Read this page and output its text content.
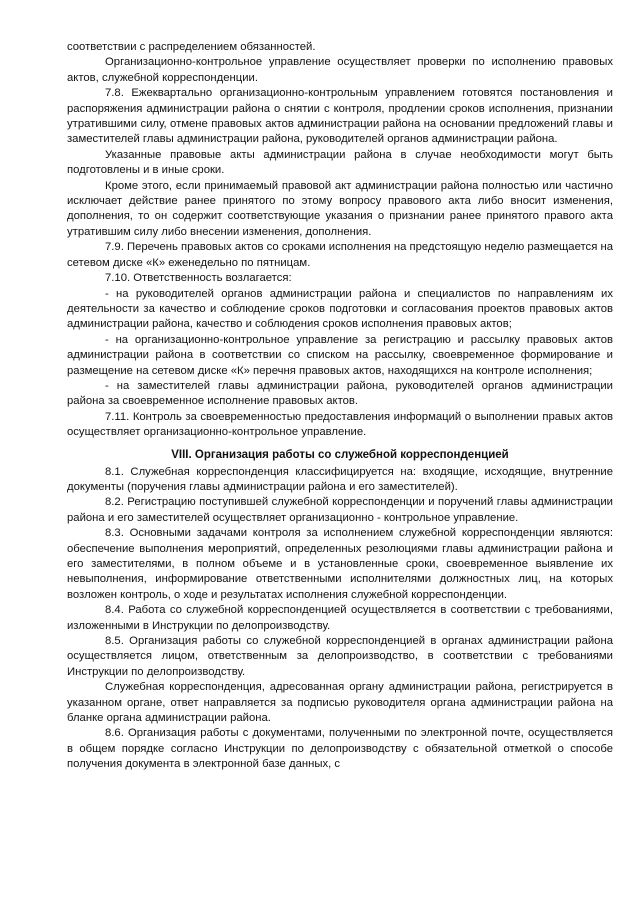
соответствии с распределением обязанностей.

Организационно-контрольное управление осуществляет проверки по исполнению правовых актов, служебной корреспонденции.

7.8. Ежеквартально организационно-контрольным управлением готовятся постановления и распоряжения администрации района о снятии с контроля, продлении сроков исполнения, признании утратившими силу, отмене правовых актов администрации района на основании предложений главы и заместителей главы администрации района, руководителей органов администрации района.

Указанные правовые акты администрации района в случае необходимости могут быть подготовлены и в иные сроки.

Кроме этого, если принимаемый правовой акт администрации района полностью или частично исключает действие ранее принятого по этому вопросу правового акта либо вносит изменения, дополнения, то он содержит соответствующие указания о признании ранее принятого правого акта утратившим силу либо внесении изменения, дополнения.

7.9. Перечень правовых актов со сроками исполнения на предстоящую неделю размещается на сетевом диске «К» еженедельно по пятницам.

7.10. Ответственность возлагается:

- на руководителей органов администрации района и специалистов по направлениям их деятельности за качество и соблюдение сроков подготовки и согласования проектов правовых актов администрации района, качество и соблюдения сроков исполнения правовых актов;

- на организационно-контрольное управление за регистрацию и рассылку правовых актов администрации района в соответствии со списком на рассылку, своевременное формирование и размещение на сетевом диске «К» перечня правовых актов, находящихся на контроле исполнения;

- на заместителей главы администрации района, руководителей органов администрации района за своевременное исполнение правовых актов.

7.11. Контроль за своевременностью предоставления информаций о выполнении правых актов осуществляет организационно-контрольное управление.

VIII. Организация работы со служебной корреспонденцией

8.1. Служебная корреспонденция классифицируется на: входящие, исходящие, внутренние документы (поручения главы администрации района и его заместителей).

8.2. Регистрацию поступившей служебной корреспонденции и поручений главы администрации района и его заместителей осуществляет организационно - контрольное управление.

8.3. Основными задачами контроля за исполнением служебной корреспонденции являются: обеспечение выполнения мероприятий, определенных резолюциями главы администрации района и его заместителями, в полном объеме и в установленные сроки, своевременное выявление их невыполнения, информирование ответственными исполнителями должностных лиц, на которых возложен контроль, о ходе и результатах исполнения служебной корреспонденции.

8.4. Работа со служебной корреспонденцией осуществляется в соответствии с требованиями, изложенными в Инструкции по делопроизводству.

8.5. Организация работы со служебной корреспонденцией в органах администрации района осуществляется лицом, ответственным за делопроизводство, в соответствии с требованиями Инструкции по делопроизводству.

Служебная корреспонденция, адресованная органу администрации района, регистрируется в указанном органе, ответ направляется за подписью руководителя органа администрации района на бланке органа администрации района.

8.6. Организация работы с документами, полученными по электронной почте, осуществляется в общем порядке согласно Инструкции по делопроизводству с обязательной отметкой о способе получения документа в электронной базе данных, с
